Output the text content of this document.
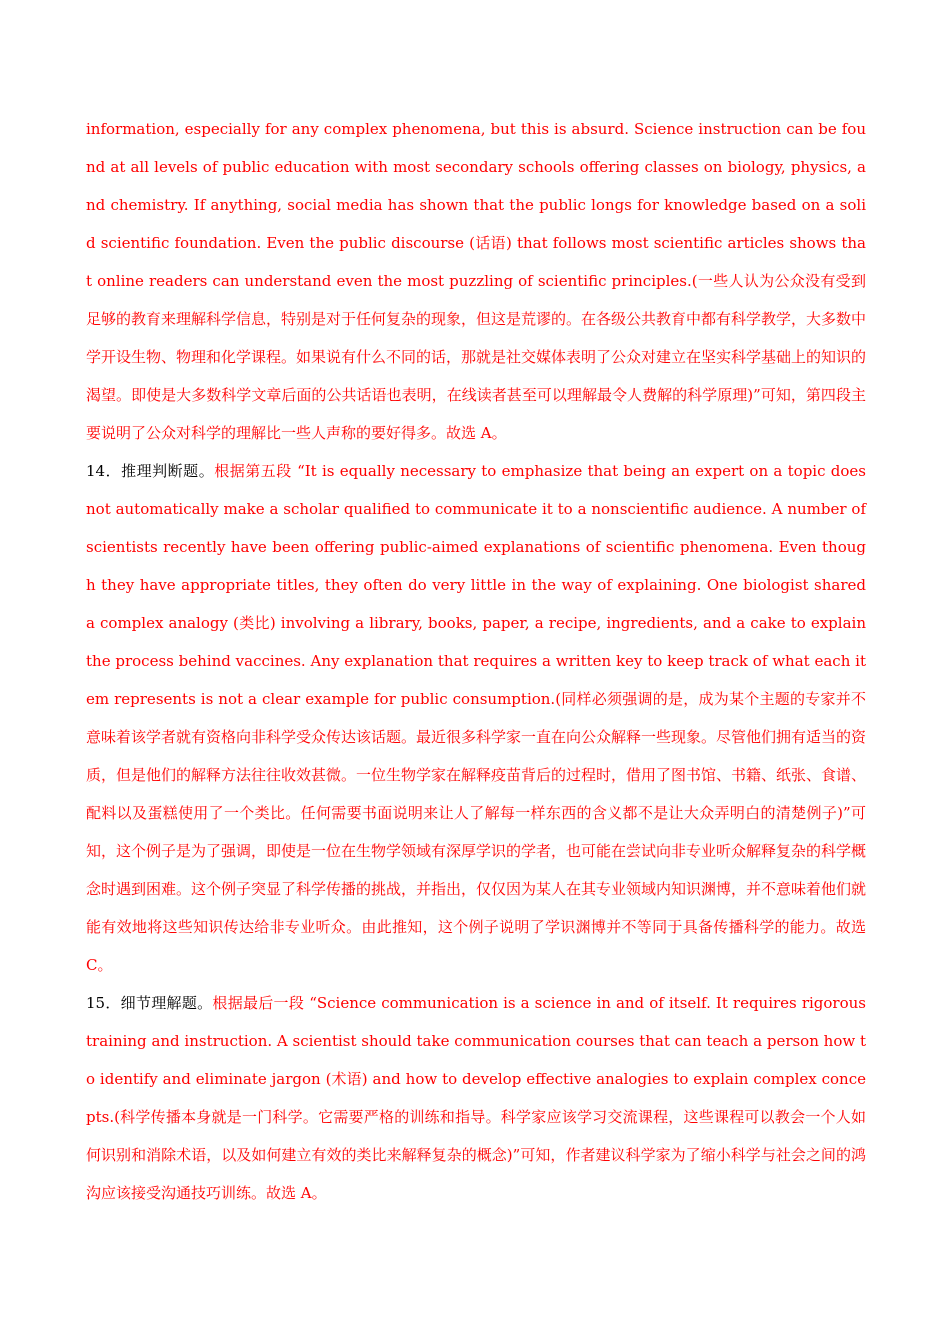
information, especially for any complex phenomena, but this is absurd. Science instruction can be found at all levels of public education with most secondary schools offering classes on biology, physics, and chemistry. If anything, social media has shown that the public longs for knowledge based on a solid scientific foundation. Even the public discourse (话语) that follows most scientific articles shows that online readers can understand even the most puzzling of scientific principles.(一些人认为公众没有受到足够的教育来理解科学信息，特别是对于任何复杂的现象，但这是荒谬的。在各级公共教育中都有科学教学，大多数中学开设生物、物理和化学课程。如果说有什么不同的话，那就是社交媒体表明了公众对建立在坚实科学基础上的知识的渴望。即使是大多数科学文章后面的公共话语也表明，在线读者甚至可以理解最令人费解的科学原理)”可知，第四段主要说明了公众对科学的理解比一些人声称的要好得多。故选 A。

14．推理判断题。根据第五段 “It is equally necessary to emphasize that being an expert on a topic does not automatically make a scholar qualified to communicate it to a nonscientific audience. A number of scientists recently have been offering public-aimed explanations of scientific phenomena. Even though they have appropriate titles, they often do very little in the way of explaining. One biologist shared a complex analogy (类比) involving a library, books, paper, a recipe, ingredients, and a cake to explain the process behind vaccines. Any explanation that requires a written key to keep track of what each item represents is not a clear example for public consumption.(同样必须强调的是，成为某个主题的专家并不意味着该学者就有资格向非科学受众传达该话题。最近很多科学家一直在向公众解释一些现象。尽管他们拥有适当的资质，但是他们的解释方法往往收效甚微。一位生物学家在解释疫苗背后的过程时，借用了图书馆、书籍、纸张、食谱、配料以及蛋糕使用了一个类比。任何需要书面说明来让人了解每一样东西的含义都不是让大众弄明白的清楚例子)”可知，这个例子是为了强调，即使是一位在生物学领域有深厚学识的学者，也可能在尝试向非专业听众解释复杂的科学概念时遇到困难。这个例子突显了科学传播的挑战，并指出，仅仅因为某人在其专业领域内知识渊博，并不意味着他们就能有效地将这些知识传达给非专业听众。由此推知，这个例子说明了学识渊博并不等同于具备传播科学的能力。故选 C。

15．细节理解题。根据最后一段 “Science communication is a science in and of itself. It requires rigorous training and instruction. A scientist should take communication courses that can teach a person how to identify and eliminate jargon (术语) and how to develop effective analogies to explain complex concepts.(科学传播本身就是一门科学。它需要严格的训练和指导。科学家应该学习交流课程，这些课程可以教会一个人如何识别和消除术语，以及如何建立有效的类比来解释复杂的概念)”可知，作者建议科学家为了缩小科学与社会之间的鸿沟应该接受沟通技巧训练。故选 A。
